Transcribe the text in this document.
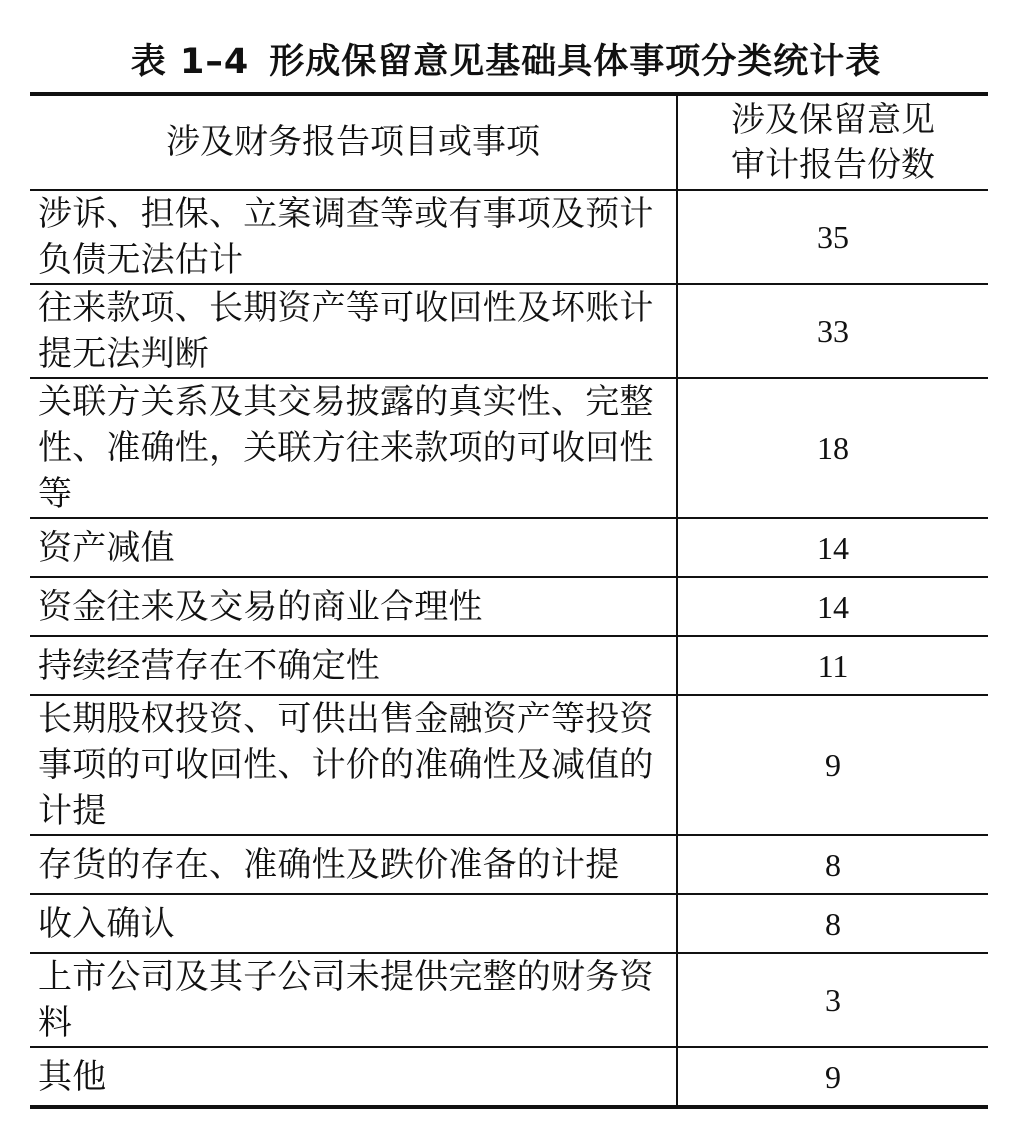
表 1–4 形成保留意见基础具体事项分类统计表
涉及财务报告项目或事项	涉及保留意见
审计报告份数

涉诉、担保、立案调查等或有事项及预计负债无法估计	35
往来款项、长期资产等可收回性及坏账计提无法判断	33
关联方关系及其交易披露的真实性、完整性、准确性，关联方往来款项的可收回性等	18
资产减值	14
资金往来及交易的商业合理性	14
持续经营存在不确定性	11
长期股权投资、可供出售金融资产等投资事项的可收回性、计价的准确性及减值的计提	9
存货的存在、准确性及跌价准备的计提	8
收入确认	8
上市公司及其子公司未提供完整的财务资料	3
其他	9
